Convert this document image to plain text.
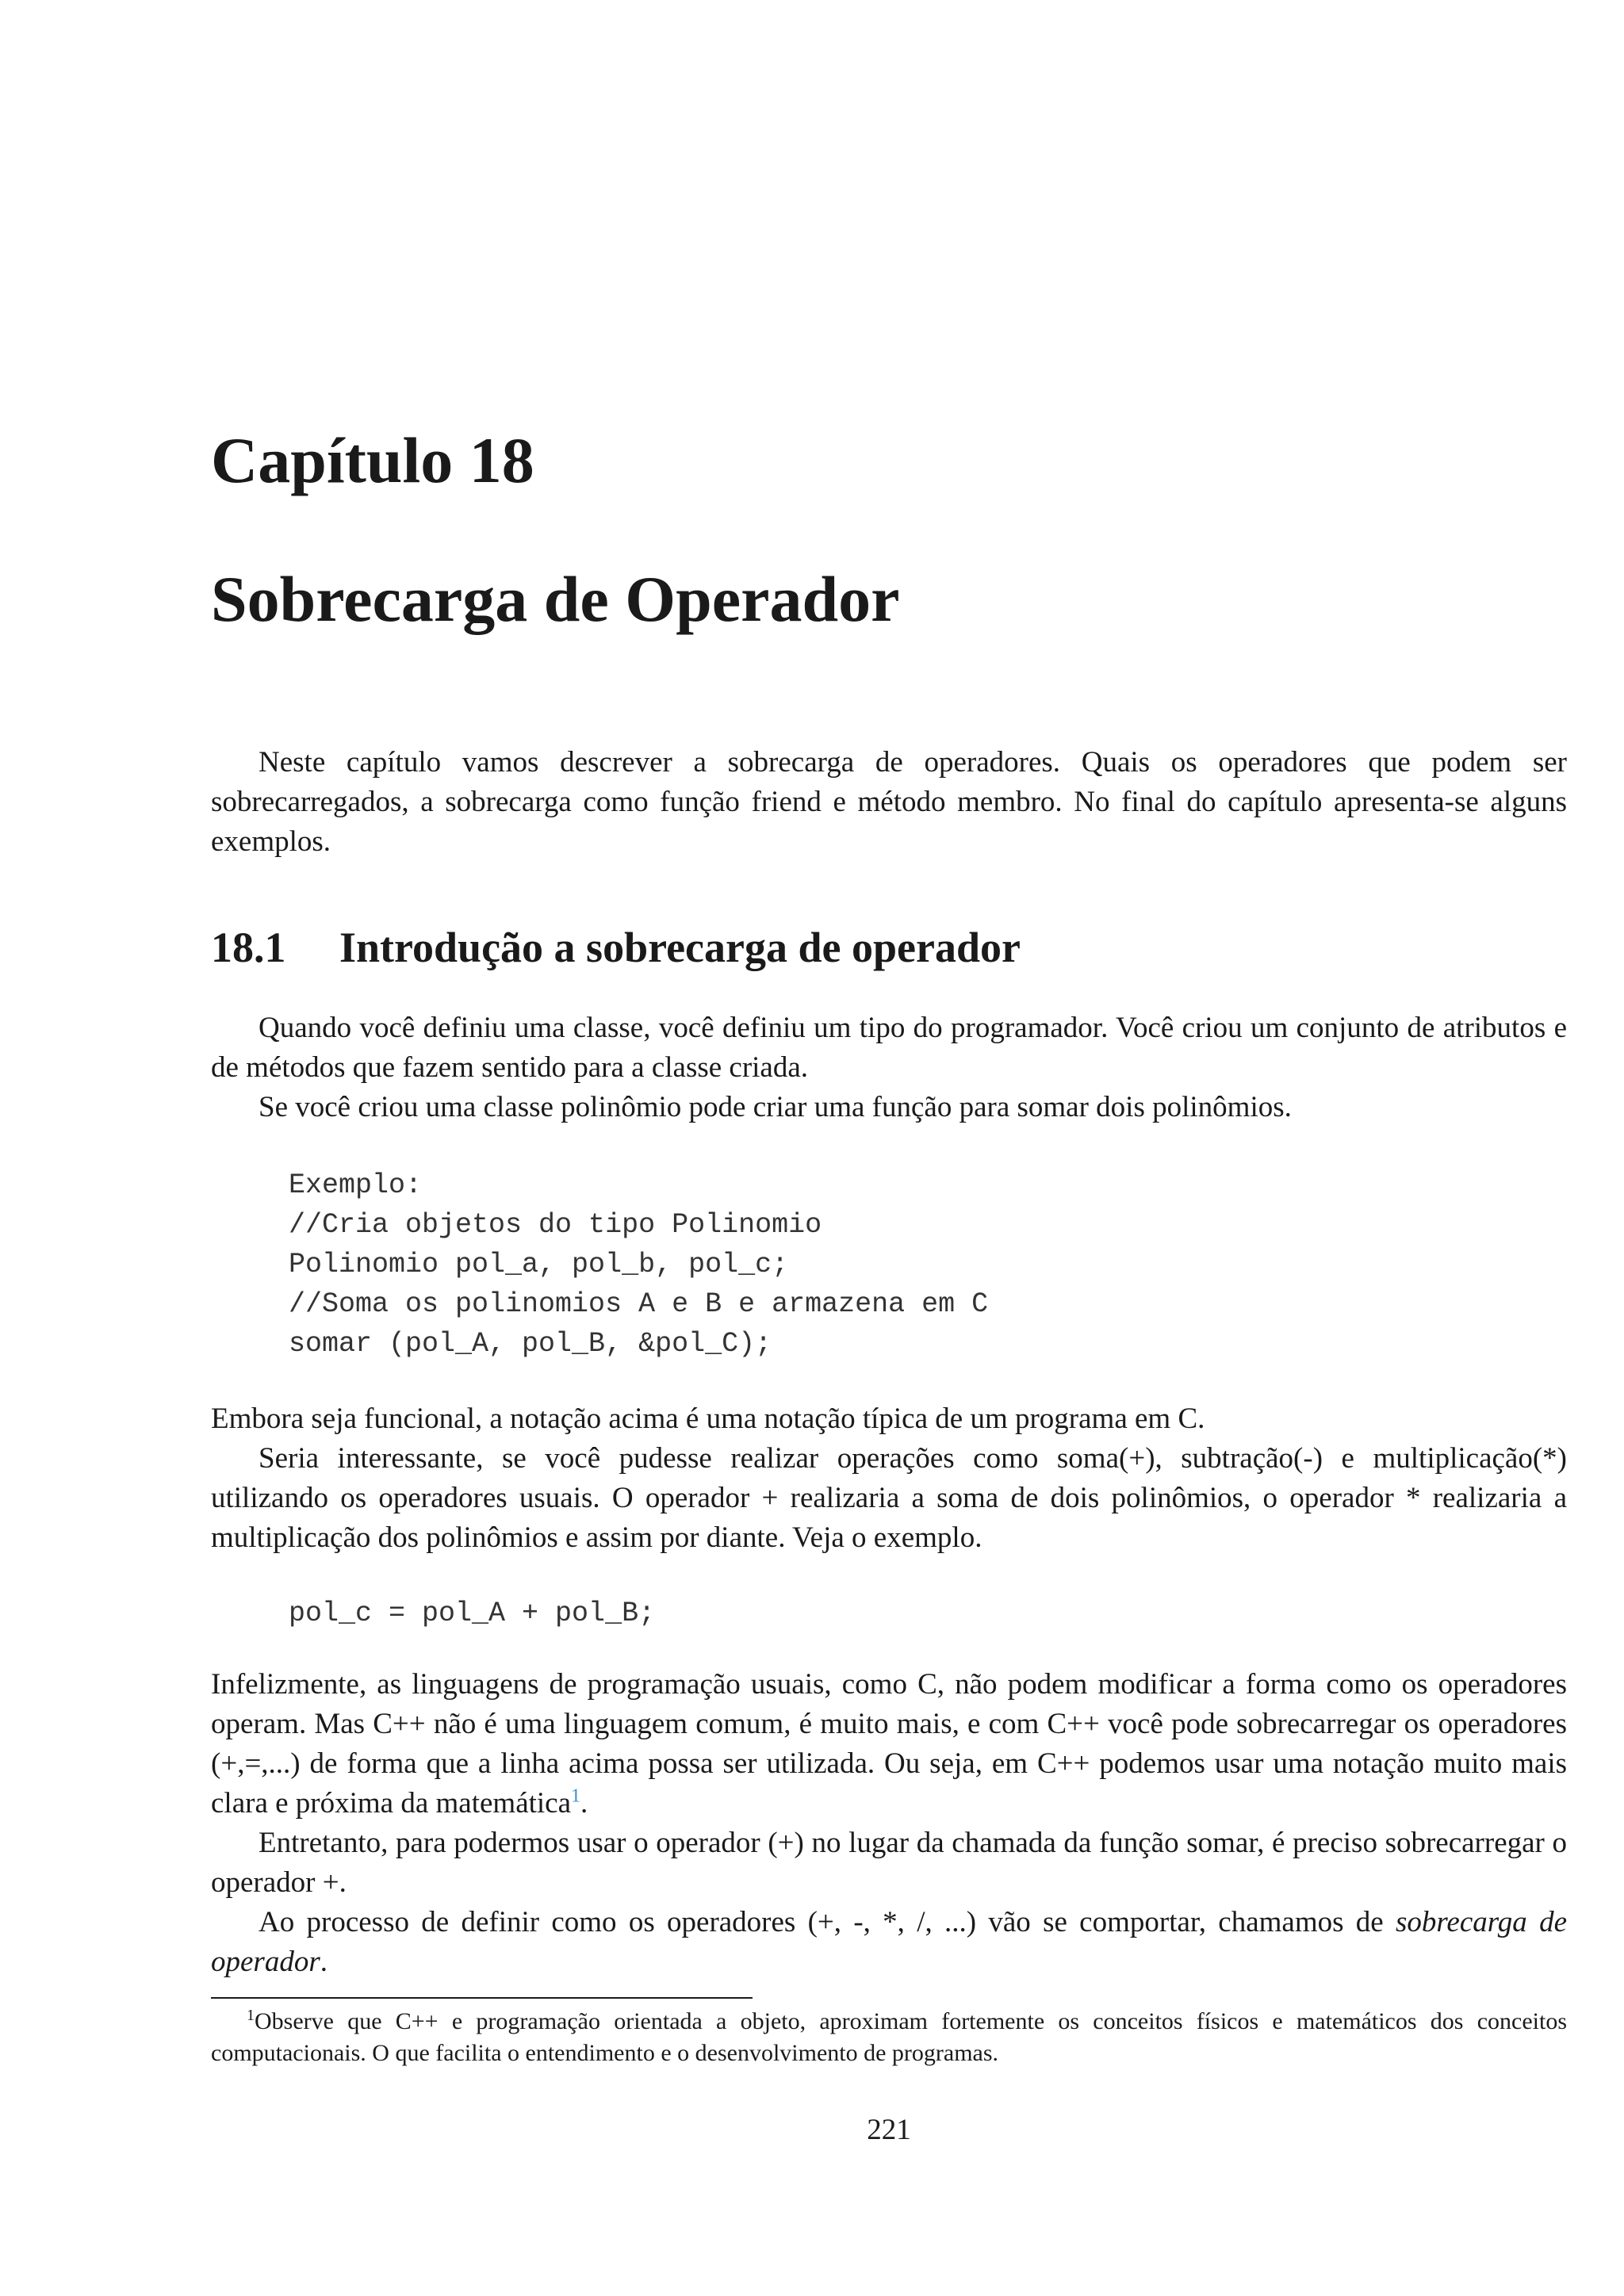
Capítulo 18
Sobrecarga de Operador

Neste capítulo vamos descrever a sobrecarga de operadores. Quais os operadores que podem ser sobrecarregados, a sobrecarga como função friend e método membro. No final do capítulo apresenta-se alguns exemplos.

18.1 Introdução a sobrecarga de operador

Quando você definiu uma classe, você definiu um tipo do programador. Você criou um conjunto de atributos e de métodos que fazem sentido para a classe criada.

Se você criou uma classe polinômio pode criar uma função para somar dois polinômios.

Exemplo:
//Cria objetos do tipo Polinomio
Polinomio pol_a, pol_b, pol_c;
//Soma os polinomios A e B e armazena em C
somar (pol_A, pol_B, &pol_C);

Embora seja funcional, a notação acima é uma notação típica de um programa em C.

Seria interessante, se você pudesse realizar operações como soma(+), subtração(-) e multiplicação(*) utilizando os operadores usuais. O operador + realizaria a soma de dois polinômios, o operador * realizaria a multiplicação dos polinômios e assim por diante. Veja o exemplo.

pol_c = pol_A + pol_B;

Infelizmente, as linguagens de programação usuais, como C, não podem modificar a forma como os operadores operam. Mas C++ não é uma linguagem comum, é muito mais, e com C++ você pode sobrecarregar os operadores (+,=,...) de forma que a linha acima possa ser utilizada. Ou seja, em C++ podemos usar uma notação muito mais clara e próxima da matemática$^1$.

Entretanto, para podermos usar o operador (+) no lugar da chamada da função somar, é preciso sobrecarregar o operador +.

Ao processo de definir como os operadores (+, -, *, /, ...) vão se comportar, chamamos de sobrecarga de operador.

$^1$Observe que C++ e programação orientada a objeto, aproximam fortemente os conceitos físicos e matemáticos dos conceitos computacionais. O que facilita o entendimento e o desenvolvimento de programas.

221
